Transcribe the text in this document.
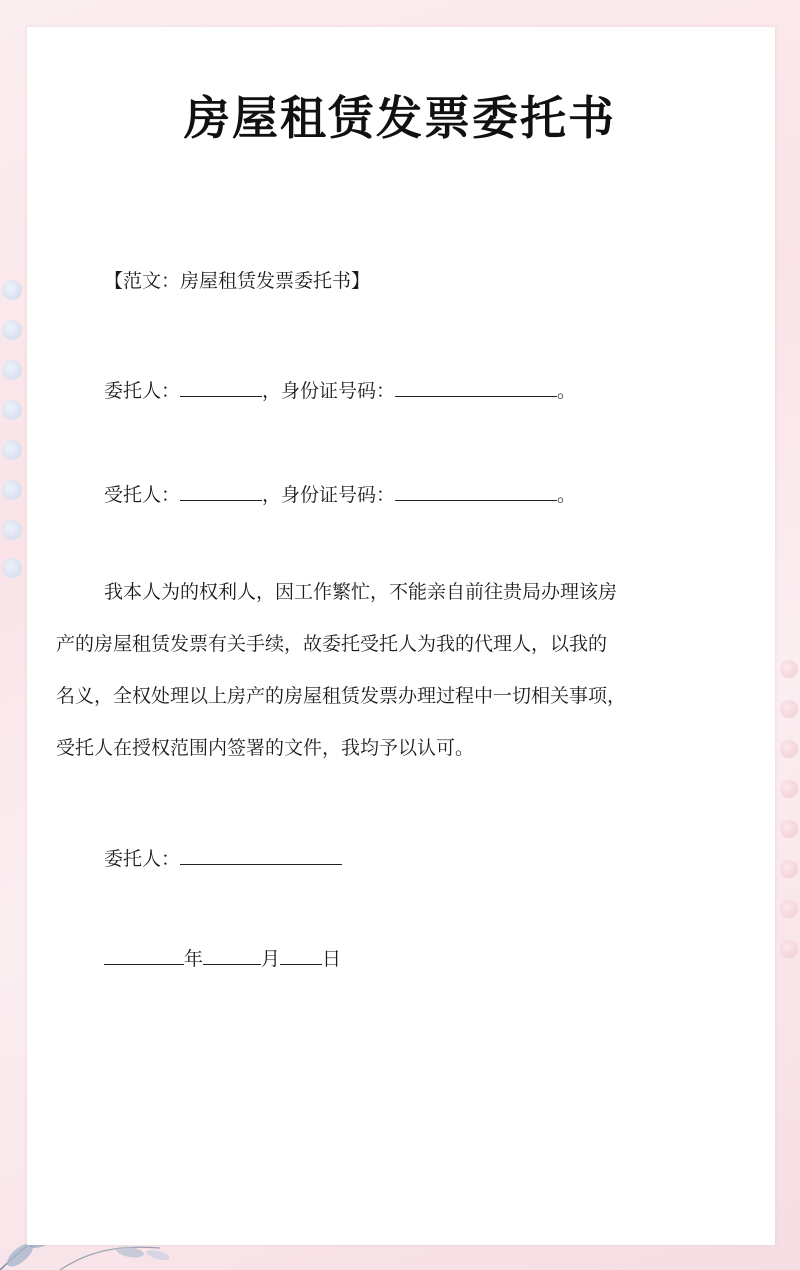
房屋租赁发票委托书
【范文：房屋租赁发票委托书】
委托人：	，身份证号码：	。
受托人：	，身份证号码：	。
我本人为的权利人，因工作繁忙，不能亲自前往贵局办理该房
产的房屋租赁发票有关手续，故委托受托人为我的代理人，以我的
名义，全权处理以上房产的房屋租赁发票办理过程中一切相关事项，
受托人在授权范围内签署的文件，我均予以认可。
委托人：
年	月 日
